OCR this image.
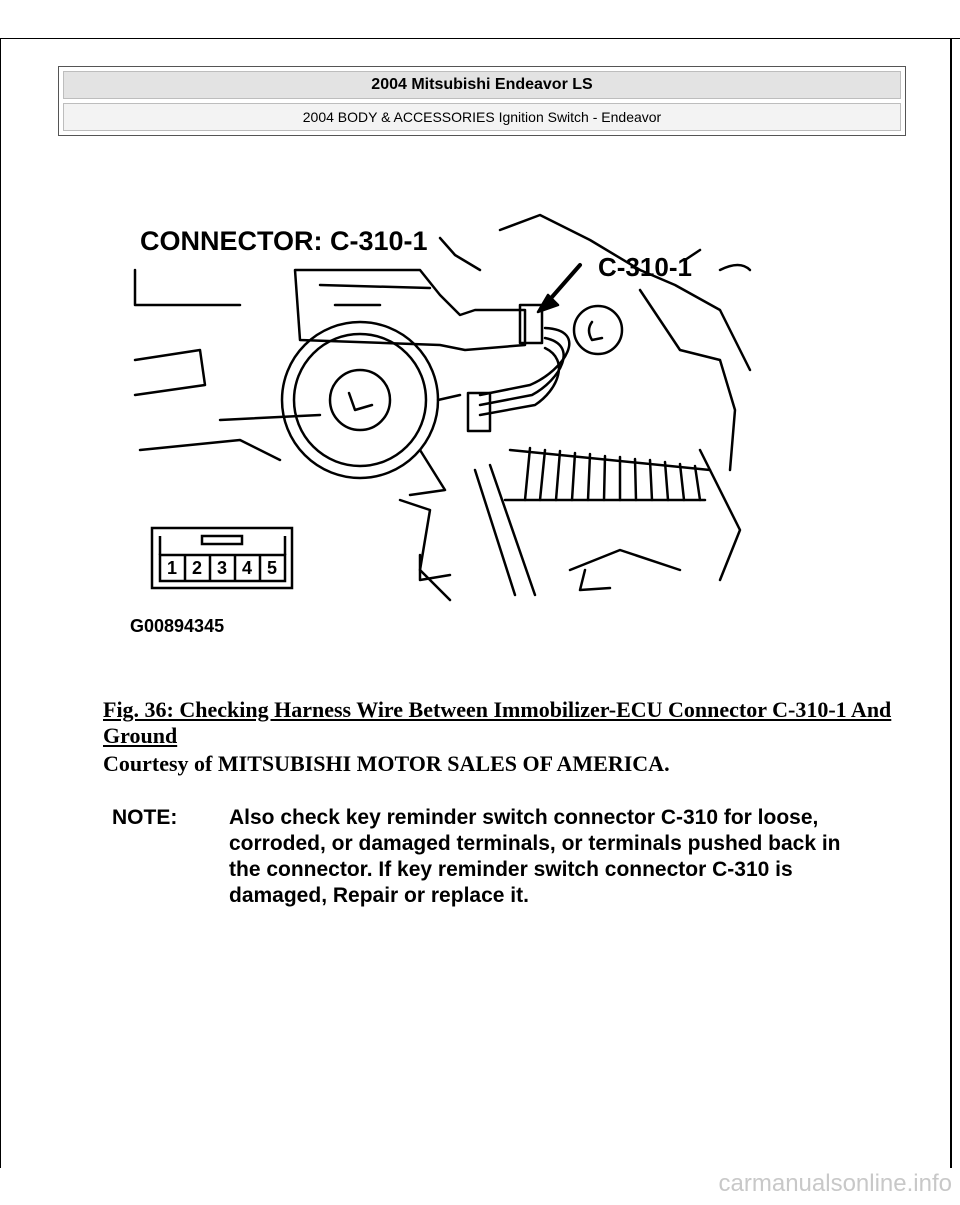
2004 Mitsubishi Endeavor LS
2004 BODY & ACCESSORIES Ignition Switch - Endeavor
1 2 3 4 5
CONNECTOR: C-310-1
C-310-1
G00894345
Fig. 36: Checking Harness Wire Between Immobilizer-ECU Connector C-310-1 And Ground
Courtesy of MITSUBISHI MOTOR SALES OF AMERICA.
NOTE: Also check key reminder switch connector C-310 for loose, corroded, or damaged terminals, or terminals pushed back in the connector. If key reminder switch connector C-310 is damaged, Repair or replace it.
carmanualsonline.info
